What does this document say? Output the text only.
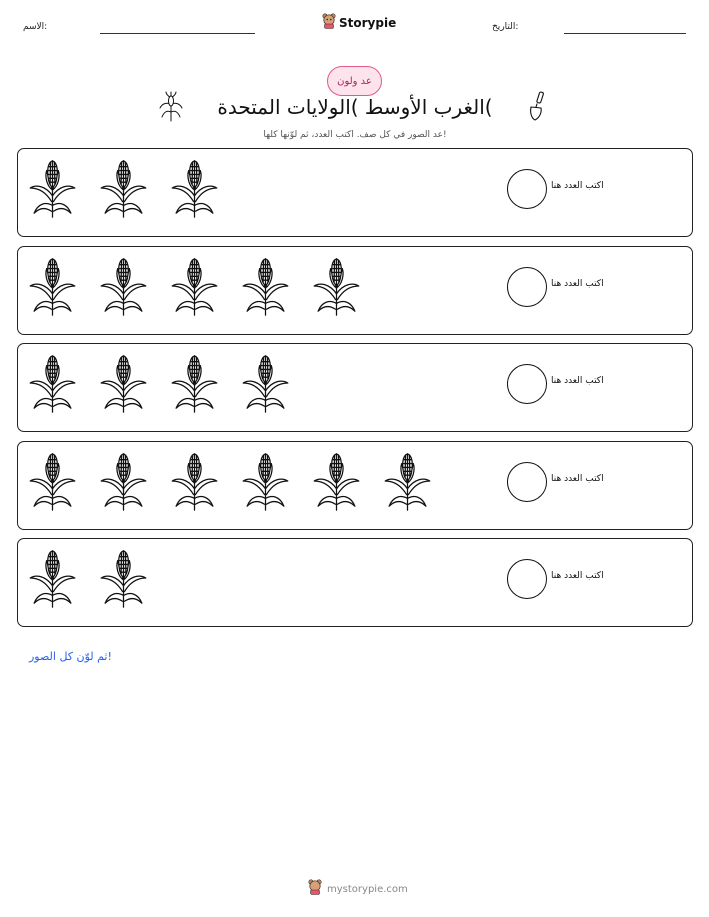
الاسم:	Storypie	التاريخ:
عد ولون
الغرب الأوسط )الولايات المتحدة(
عد الصور في كل صف. اكتب العدد، ثم لوّنها كلها!
اكتب العدد هنا
اكتب العدد هنا
اكتب العدد هنا
اكتب العدد هنا
اكتب العدد هنا
ثم لوّن كل الصور!
mystorypie.com
